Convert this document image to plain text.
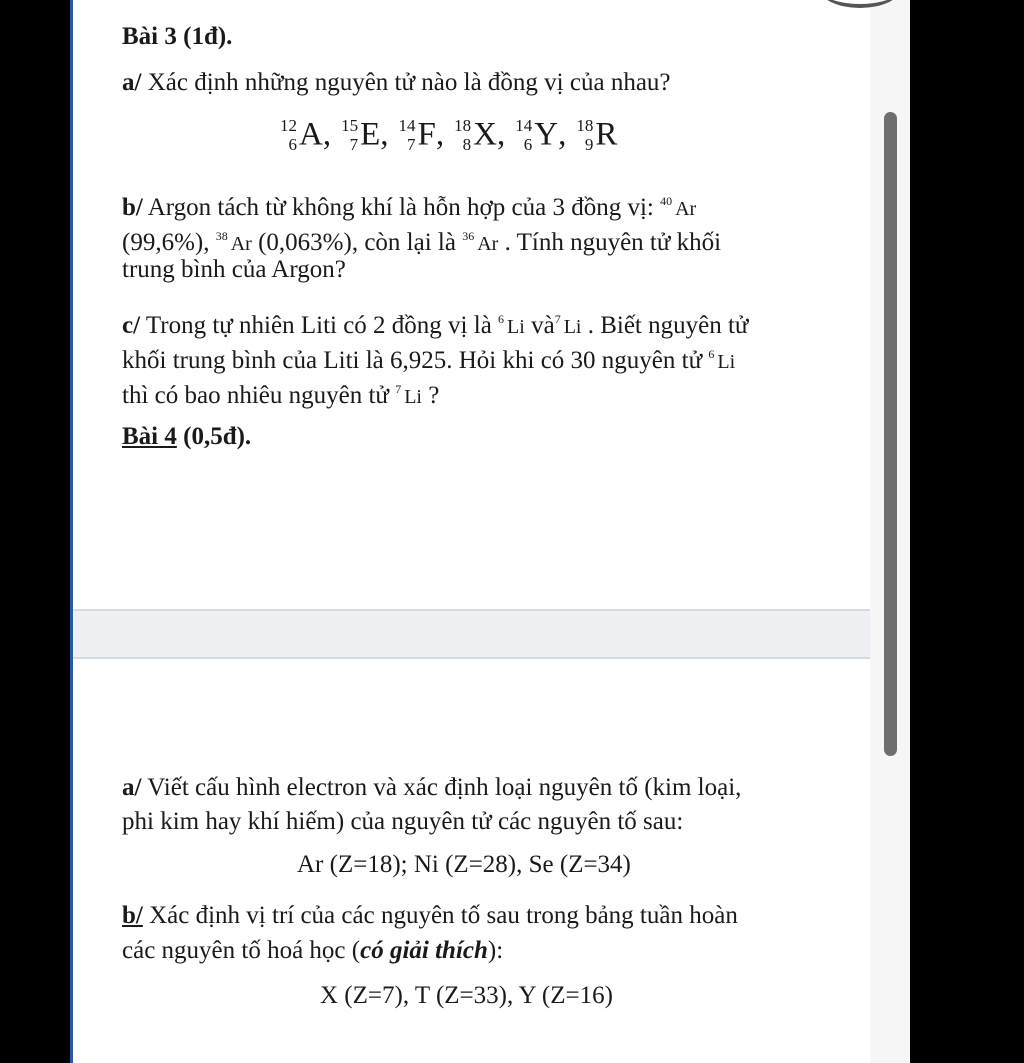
Bài 3 (1đ).
a/ Xác định những nguyên tử nào là đồng vị của nhau?
12
6 A, 15
7 E, 14
7 F, 18
8 X, 14
6 Y, 18
9 R
b/ Argon tách từ không khí là hỗn hợp của 3 đồng vị: $^{40}$ Ar
(99,6%), $^{38}$ Ar (0,063%), còn lại là $^{36}$ Ar . Tính nguyên tử khối
trung bình của Argon?
c/ Trong tự nhiên Liti có 2 đồng vị là $^6$ Li $và^7$ Li . Biết nguyên tử
khối trung bình của Liti là 6,925. Hỏi khi có 30 nguyên tử $^6$ Li
thì có bao nhiêu nguyên tử $^7$ Li ?
Bài 4 (0,5đ).
a/ Viết cấu hình electron và xác định loại nguyên tố (kim loại,
phi kim hay khí hiếm) của nguyên tử các nguyên tố sau:
Ar (Z=18); Ni (Z=28), Se (Z=34)
b/ Xác định vị trí của các nguyên tố sau trong bảng tuần hoàn
các nguyên tố hoá học (có giải thích):
X (Z=7), T (Z=33), Y (Z=16)
